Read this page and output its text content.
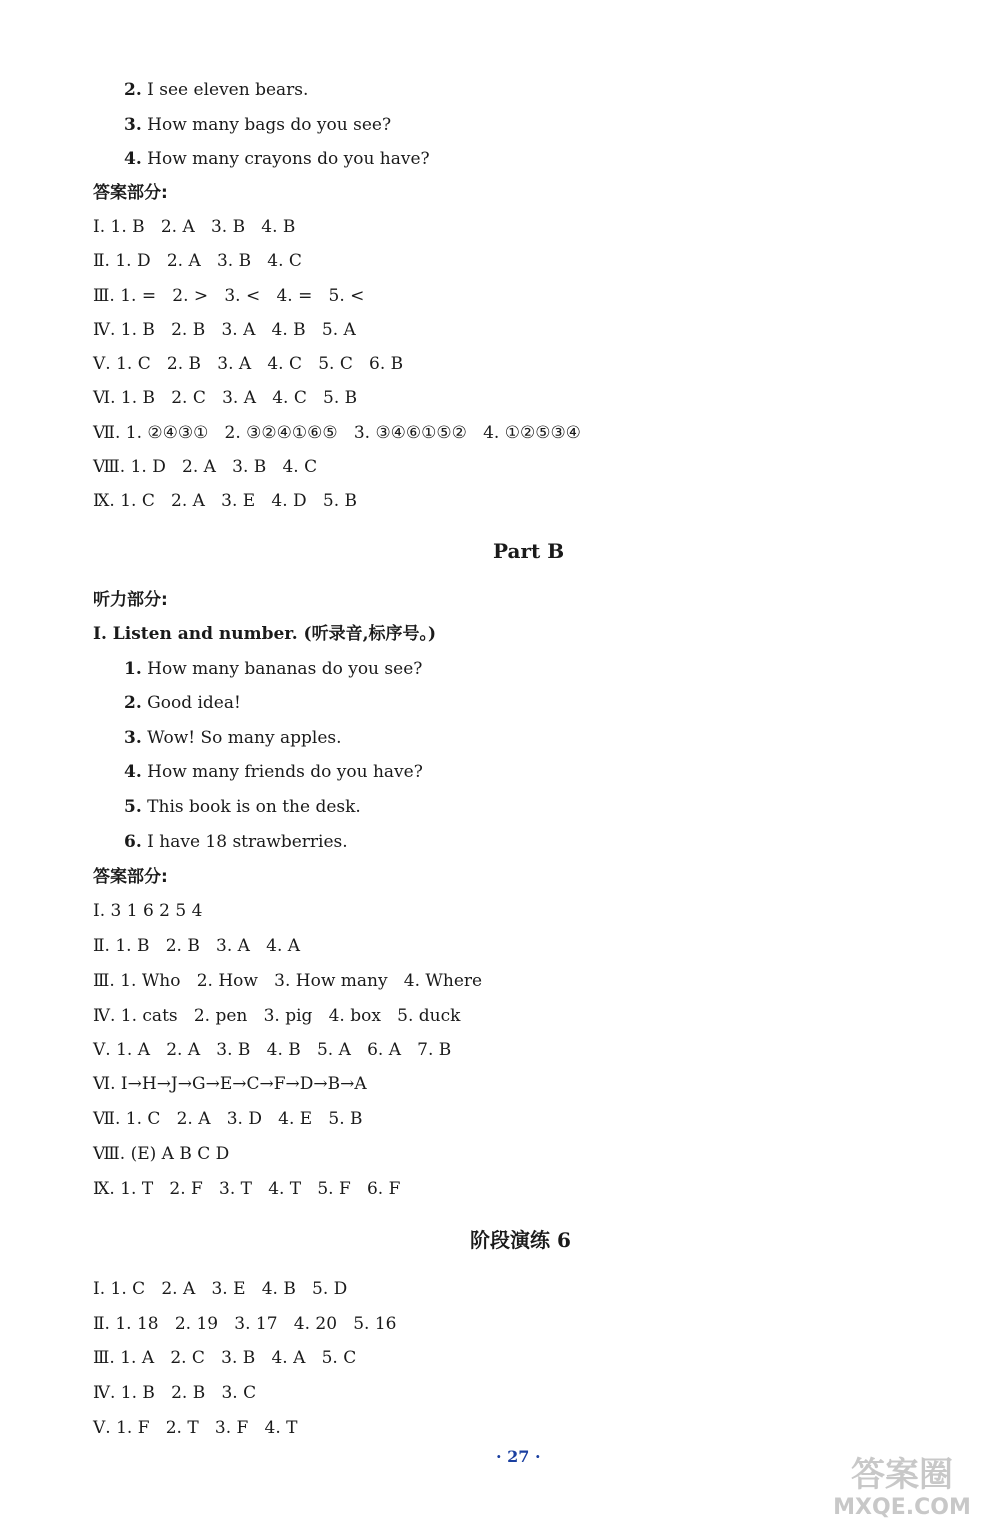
2. I see eleven bears.
3. How many bags do you see?
4. How many crayons do you have?
答案部分:
Ⅰ. 1. B   2. A   3. B   4. B
Ⅱ. 1. D   2. A   3. B   4. C
Ⅲ. 1. =   2. >   3. <   4. =   5. <
Ⅳ. 1. B   2. B   3. A   4. B   5. A
Ⅴ. 1. C   2. B   3. A   4. C   5. C   6. B
Ⅵ. 1. B   2. C   3. A   4. C   5. B
Ⅶ. 1. ②④③①   2. ③②④①⑥⑤   3. ③④⑥①⑤②   4. ①②⑤③④
Ⅷ. 1. D   2. A   3. B   4. C
Ⅸ. 1. C   2. A   3. E   4. D   5. B
Part B
听力部分:
Ⅰ. Listen and number. (听录音,标序号。)
1. How many bananas do you see?
2. Good idea!
3. Wow! So many apples.
4. How many friends do you have?
5. This book is on the desk.
6. I have 18 strawberries.
答案部分:
Ⅰ. 3 1 6 2 5 4
Ⅱ. 1. B   2. B   3. A   4. A
Ⅲ. 1. Who   2. How   3. How many   4. Where
Ⅳ. 1. cats   2. pen   3. pig   4. box   5. duck
Ⅴ. 1. A   2. A   3. B   4. B   5. A   6. A   7. B
Ⅵ. I→H→J→G→E→C→F→D→B→A
Ⅶ. 1. C   2. A   3. D   4. E   5. B
Ⅷ. (E) A B C D
Ⅸ. 1. T   2. F   3. T   4. T   5. F   6. F
阶段演练 6
Ⅰ. 1. C   2. A   3. E   4. B   5. D
Ⅱ. 1. 18   2. 19   3. 17   4. 20   5. 16
Ⅲ. 1. A   2. C   3. B   4. A   5. C
Ⅳ. 1. B   2. B   3. C
Ⅴ. 1. F   2. T   3. F   4. T
· 27 ·	答案圈
MXQE.COM
